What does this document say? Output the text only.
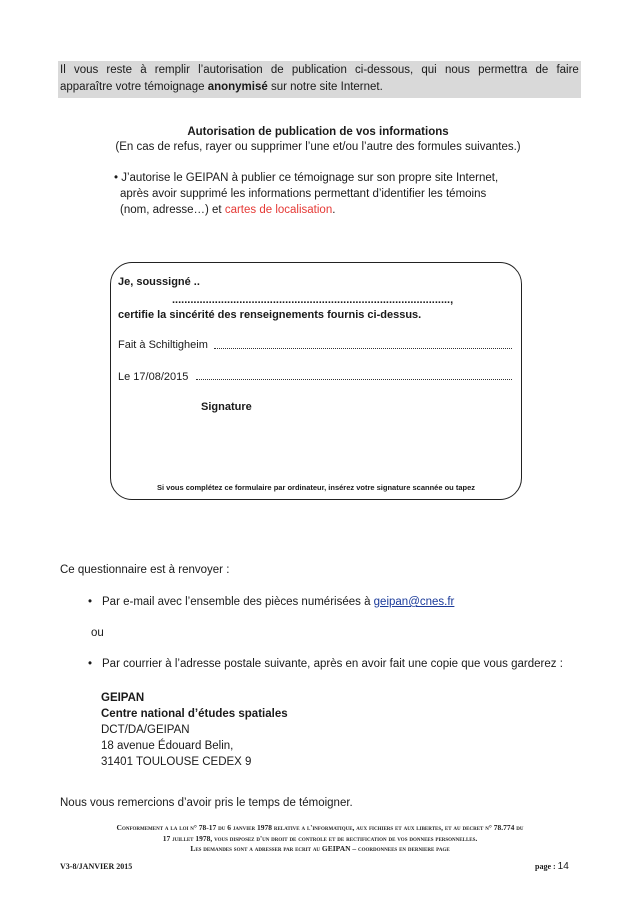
Il vous reste à remplir l’autorisation de publication ci-dessous, qui nous permettra de faire
apparaître votre témoignage anonymisé sur notre site Internet.
Autorisation de publication de vos informations
(En cas de refus, rayer ou supprimer l’une et/ou l’autre des formules suivantes.)
• J’autorise le GEIPAN à publier ce témoignage sur son propre site Internet,
après avoir supprimé les informations permettant d’identifier les témoins
(nom, adresse…) et cartes de localisation.
Je, soussigné ..
...........................................................................................,
certifie la sincérité des renseignements fournis ci-dessus.
Fait à Schiltigheim
Le 17/08/2015
Signature
Si vous complétez ce formulaire par ordinateur, insérez votre signature scannée ou tapez
Ce questionnaire est à renvoyer :
• Par e-mail avec l’ensemble des pièces numérisées à geipan@cnes.fr
ou
• Par courrier à l’adresse postale suivante, après en avoir fait une copie que vous garderez :
GEIPAN
Centre national d’études spatiales
DCT/DA/GEIPAN
18 avenue Édouard Belin,
31401 TOULOUSE CEDEX 9
Nous vous remercions d’avoir pris le temps de témoigner.
Conformement a la loi n° 78-17 du 6 janvier 1978 relative a l'informatique, aux fichiers et aux libertes, et au decret n° 78.774 du
17 juillet 1978, vous disposez d'un droit de controle et de rectification de vos donnees personnelles.
Les demandes sont a adresser par ecrit au GEIPAN – coordonnees en derniere page
V3-8/JANVIER 2015	page : 14
